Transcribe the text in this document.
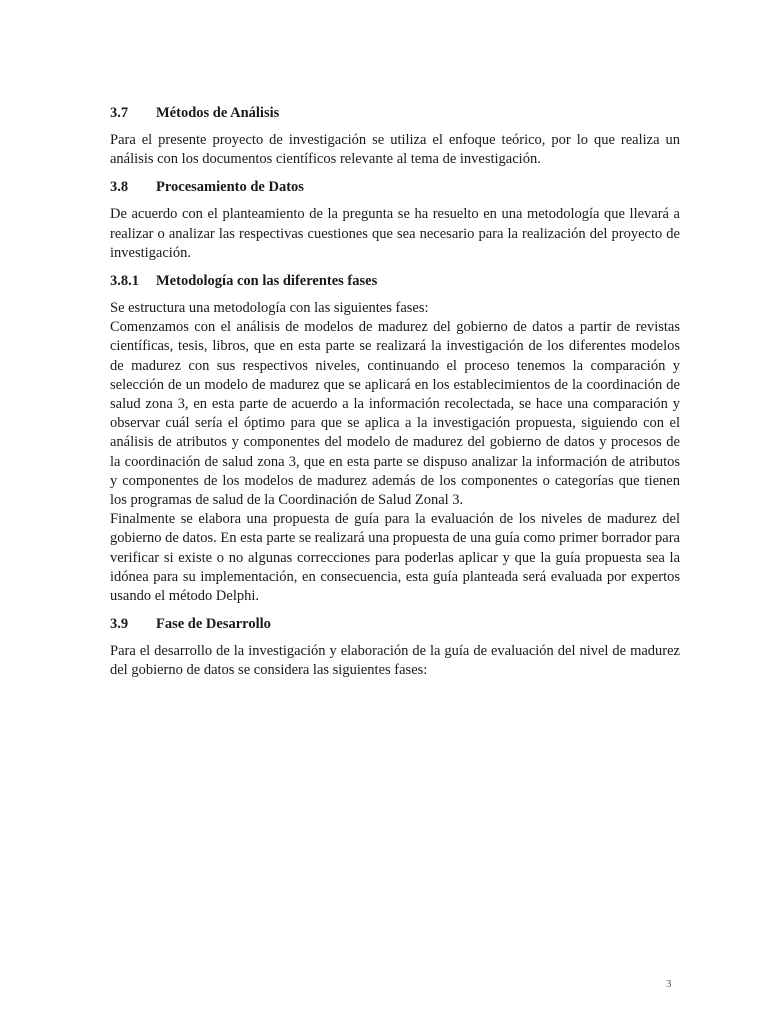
3.7	Métodos de Análisis

Para el presente proyecto de investigación se utiliza el enfoque teórico, por lo que realiza un análisis con los documentos científicos relevante al tema de investigación.

3.8	Procesamiento de Datos

De acuerdo con el planteamiento de la pregunta se ha resuelto en una metodología que llevará a realizar o analizar las respectivas cuestiones que sea necesario para la realización del proyecto de investigación.

3.8.1	Metodología con las diferentes fases

Se estructura una metodología con las siguientes fases:

Comenzamos con el análisis de modelos de madurez del gobierno de datos a partir de revistas científicas, tesis, libros, que en esta parte se realizará la investigación de los diferentes modelos de madurez con sus respectivos niveles, continuando el proceso tenemos la comparación y selección de un modelo de madurez que se aplicará en los establecimientos de la coordinación de salud zona 3, en esta parte de acuerdo a la información recolectada, se hace una comparación y observar cuál sería el óptimo para que se aplica a la investigación propuesta, siguiendo con el análisis de atributos y componentes del modelo de madurez del gobierno de datos y procesos de la coordinación de salud zona 3, que en esta parte se dispuso analizar la información de atributos y componentes de los modelos de madurez además de los componentes o categorías que tienen los programas de salud de la Coordinación de Salud Zonal 3.

Finalmente se elabora una propuesta de guía para la evaluación de los niveles de madurez del gobierno de datos. En esta parte se realizará una propuesta de una guía como primer borrador para verificar si existe o no algunas correcciones para poderlas aplicar y que la guía propuesta sea la idónea para su implementación, en consecuencia, esta guía planteada será evaluada por expertos usando el método Delphi.

3.9	Fase de Desarrollo

Para el desarrollo de la investigación y elaboración de la guía de evaluación del nivel de madurez del gobierno de datos se considera las siguientes fases:

3
